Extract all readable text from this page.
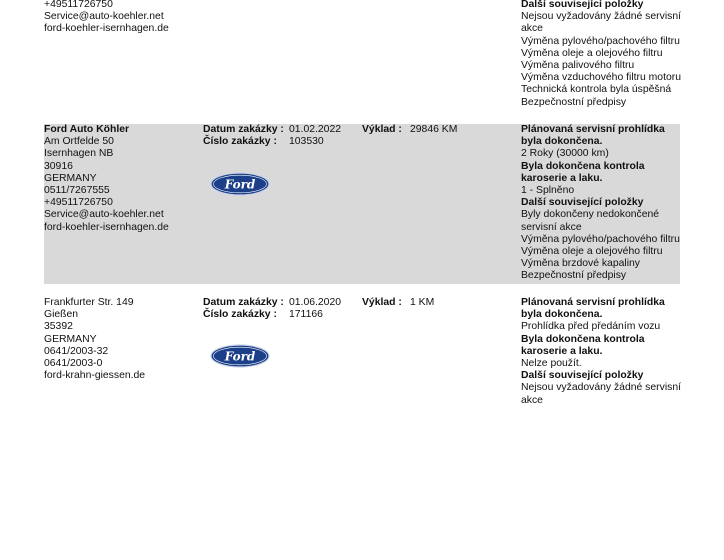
+49511726750
Service@auto-koehler.net
ford-koehler-isernhagen.de
Další související položky
Nejsou vyžadovány žádné servisní akce
Výměna pylového/pachového filtru
Výměna oleje a olejového filtru
Výměna palivového filtru
Výměna vzduchového filtru motoru
Technická kontrola byla úspěšná
Bezpečnostní předpisy
Ford Auto Köhler
Am Ortfelde 50
Isernhagen NB
30916
GERMANY
0511/7267555
+49511726750
Service@auto-koehler.net
ford-koehler-isernhagen.de
Datum zakázky : 01.02.2022
Číslo zakázky : 103530
Ford
Výklad : 29846 KM	Plánovaná servisní prohlídka byla dokončena.
2 Roky (30000 km)
Byla dokončena kontrola karoserie a laku.
1 - Splněno
Další související položky
Byly dokončeny nedokončené servisní akce
Výměna pylového/pachového filtru
Výměna oleje a olejového filtru
Výměna brzdové kapaliny
Bezpečnostní předpisy
Frankfurter Str. 149
Gießen
35392
GERMANY
0641/2003-32
0641/2003-0
ford-krahn-giessen.de
Datum zakázky : 01.06.2020
Číslo zakázky : 171166
Ford
Výklad : 1 KM	Plánovaná servisní prohlídka byla dokončena.
Prohlídka před předáním vozu
Byla dokončena kontrola karoserie a laku.
Nelze použít.
Další související položky
Nejsou vyžadovány žádné servisní akce
